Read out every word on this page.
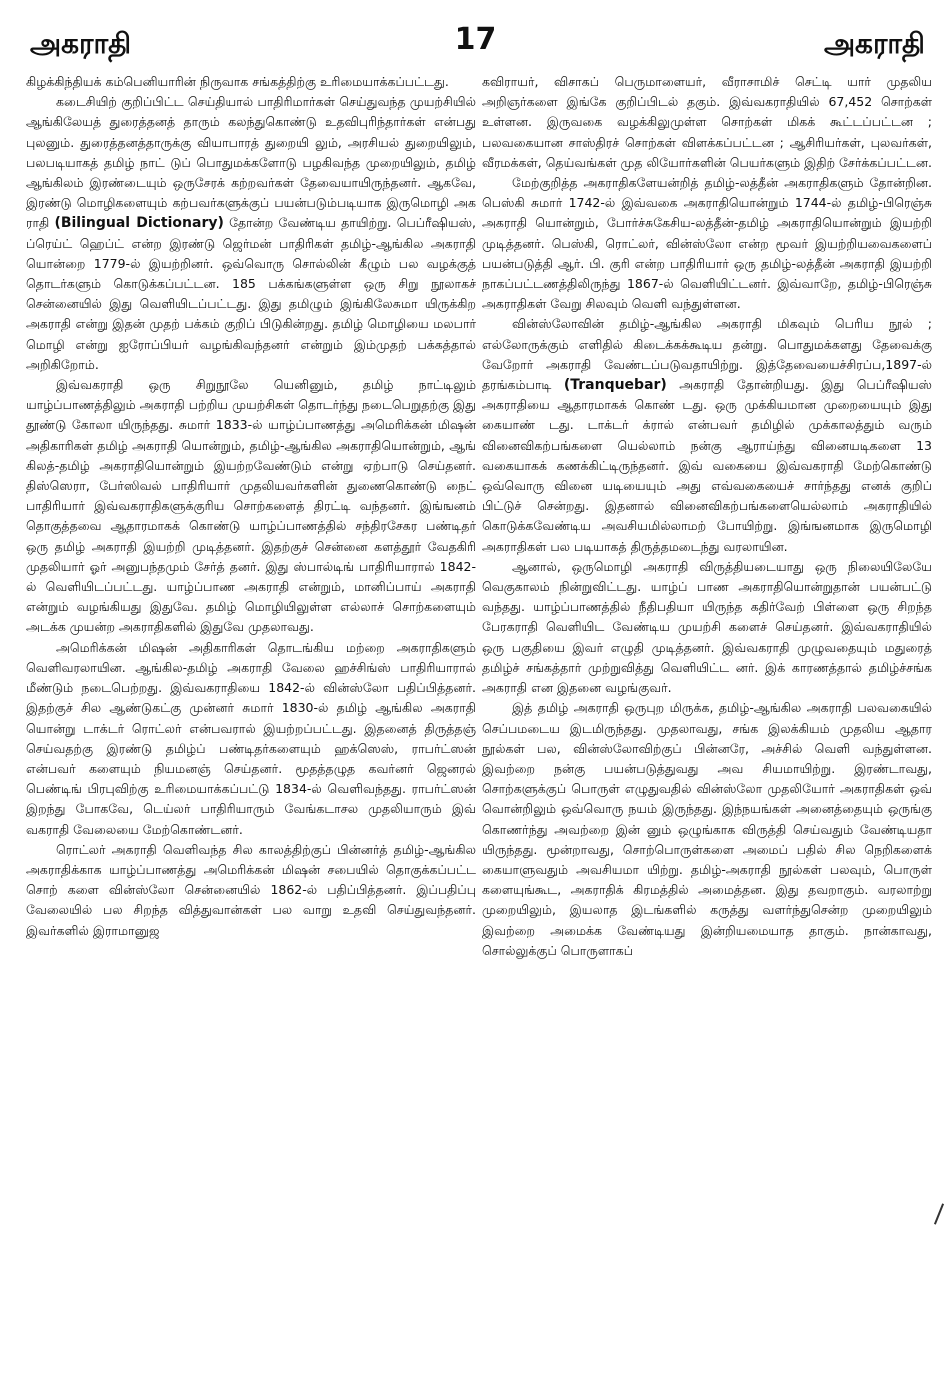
அகராதி	17	அகராதி

கிழக்கிந்தியக் கம்பெனியாரின் நிருவாக சங்கத்திற்கு உரிமையாக்கப்பட்டது.

கடைசியிற் குறிப்பிட்ட செய்தியால் பாதிரிமார்கள் செய்துவந்த முயற்சியில் ஆங்கிலேயத் துரைத்தனத் தாரும் கலந்துகொண்டு உதவிபுரிந்தார்கள் என்பது புலனும். துரைத்தனத்தாருக்கு வியாபாரத் துறையி லும், அரசியல் துறையிலும், பலபடியாகத் தமிழ் நாட் டுப் பொதுமக்களோடு பழகிவந்த முறையிலும், தமிழ் ஆங்கிலம் இரண்டையும் ஒருசேரக் கற்றவர்கள் தேவையாயிருந்தனர். ஆகவே, இரண்டு மொழிகளையும் கற்பவர்களுக்குப் பயன்படும்படியாக இருமொழி அக ராதி (Bilingual Dictionary) தோன்ற வேண்டிய தாயிற்று. பெப்ரீஷியஸ், ப்ரெய்ட் ஹெப்ட் என்ற இரண்டு ஜெர்மன் பாதிரிகள் தமிழ்-ஆங்கில அகராதி யொன்றை 1779-ல் இயற்றினர். ஒவ்வொரு சொல்லின் கீழும் பல வழக்குத் தொடர்களும் கொடுக்கப்பட்டன. 185 பக்கங்களுள்ள ஒரு சிறு நூலாகச் சென்னையில் இது வெளியிடப்பட்டது. இது தமிழும் இங்கிலேசுமா யிருக்கிற அகராதி என்று இதன் முதற் பக்கம் குறிப் பிடுகின்றது. தமிழ் மொழியை மலபார் மொழி என்று ஐரோப்பியர் வழங்கிவந்தனர் என்றும் இம்முதற் பக்கத்தால் அறிகிறோம்.

இவ்வகராதி ஒரு சிறுநூலே யெனினும், தமிழ் நாட்டிலும் யாழ்ப்பாணத்திலும் அகராதி பற்றிய முயற்சிகள் தொடர்ந்து நடைபெறுதற்கு இது தூண்டு கோலா யிருந்தது. சுமார் 1833-ல் யாழ்ப்பாணத்து அமெரிக்கன் மிஷன் அதிகாரிகள் தமிழ் அகராதி யொன்றும், தமிழ்-ஆங்கில அகராதியொன்றும், ஆங் கிலத்-தமிழ் அகராதியொன்றும் இயற்றவேண்டும் என்று ஏற்பாடு செய்தனர். திஸ்ஸெரா, பேர்ஸிவல் பாதிரியார் முதலியவர்களின் துணைகொண்டு நைட் பாதிரியார் இவ்வகராதிகளுக்குரிய சொற்களைத் திரட்டி வந்தனர். இங்ஙனம் தொகுத்தவை ஆதாரமாகக் கொண்டு யாழ்ப்பாணத்தில் சந்திரசேகர பண்டிதர் ஒரு தமிழ் அகராதி இயற்றி முடித்தனர். இதற்குச் சென்னை களத்தூர் வேதகிரி முதலியார் ஓர் அனுபந்தமும் சேர்த் தனர். இது ஸ்பால்டிங் பாதிரியாரால் 1842-ல் வெளியிடப்பட்டது. யாழ்ப்பாண அகராதி என்றும், மானிப்பாய் அகராதி என்றும் வழங்கியது இதுவே. தமிழ் மொழியிலுள்ள எல்லாச் சொற்களையும் அடக்க முயன்ற அகராதிகளில் இதுவே முதலாவது.

அமெரிக்கன் மிஷன் அதிகாரிகள் தொடங்கிய மற்றை அகராதிகளும் வெளிவரலாயின. ஆங்கில-தமிழ் அகராதி வேலை ஹச்சிங்ஸ் பாதிரியாரால் மீண்டும் நடைபெற்றது. இவ்வகராதியை 1842-ல் வின்ஸ்லோ பதிப்பித்தனர். இதற்குச் சில ஆண்டுகட்கு முன்னர் சுமார் 1830-ல் தமிழ் ஆங்கில அகராதி யொன்று டாக்டர் ரொட்லர் என்பவரால் இயற்றப்பட்டது. இதனைத் திருத்தஞ் செய்வதற்கு இரண்டு தமிழ்ப் பண்டிதர்களையும் ஹக்ஸெஸ், ராபர்ட்ஸன் என்பவர் களையும் நியமனஞ் செய்தனர். மூதத்தழுத கவர்னர் ஜெனரல் பெண்டிங் பிரபுவிற்கு உரிமையாக்கப்பட்டு 1834-ல் வெளிவந்தது. ராபர்ட்ஸன் இறந்து போகவே, டெய்லர் பாதிரியாரும் வேங்கடாசல முதலியாரும் இவ் வகராதி வேலையை மேற்கொண்டனர்.

ரொட்லர் அகராதி வெளிவந்த சில காலத்திற்குப் பின்னர்த் தமிழ்-ஆங்கில அகராதிக்காக யாழ்ப்பாணத்து அமெரிக்கன் மிஷன் சபையில் தொகுக்கப்பட்ட சொற் களை வின்ஸ்லோ சென்னையில் 1862-ல் பதிப்பித்தனர். இப்பதிப்பு வேலையில் பல சிறந்த வித்துவான்கள் பல வாறு உதவி செய்துவந்தனர். இவர்களில் இராமானுஜ

கவிராயர், விசாகப் பெருமாளையர், வீராசாமிச் செட்டி யார் முதலிய அறிஞர்களை இங்கே குறிப்பிடல் தகும். இவ்வகராதியில் 67,452 சொற்கள் உள்ளன. இருவகை வழக்கிலுமுள்ள சொற்கள் மிகக் கூட்டப்பட்டன ; பலவகையான சாஸ்திரச் சொற்கள் விளக்கப்பட்டன ; ஆசிரியர்கள், புலவர்கள், வீரமக்கள், தெய்வங்கள் முத லியோர்களின் பெயர்களும் இதிற் சேர்க்கப்பட்டன.

மேற்குறித்த அகராதிகளேயன்றித் தமிழ்-லத்தீன் அகராதிகளும் தோன்றின. பெஸ்கி சுமார் 1742-ல் இவ்வகை அகராதியொன்றும் 1744-ல் தமிழ்-பிரெஞ்சு அகராதி யொன்றும், போர்ச்சுகேசிய-லத்தீன்-தமிழ் அகராதியொன்றும் இயற்றி முடித்தனர். பெஸ்கி, ரொட்லர், வின்ஸ்லோ என்ற மூவர் இயற்றியவைகளைப் பயன்படுத்தி ஆர். பி. குரி என்ற பாதிரியார் ஒரு தமிழ்-லத்தீன் அகராதி இயற்றி நாகப்பட்டணத்திலிருந்து 1867-ல் வெளியிட்டனர். இவ்வாறே, தமிழ்-பிரெஞ்சு அகராதிகள் வேறு சிலவும் வெளி வந்துள்ளன.

வின்ஸ்லோவின் தமிழ்-ஆங்கில அகராதி மிகவும் பெரிய நூல் ; எல்லோருக்கும் எளிதில் கிடைக்கக்கூடிய தன்று. பொதுமக்களது தேவைக்கு வேறோர் அகராதி வேண்டப்படுவதாயிற்று. இத்தேவையைச்சிரப்ப,1897-ல் தரங்கம்பாடி (Tranquebar) அகராதி தோன்றியது. இது பெப்ரீஷியஸ் அகராதியை ஆதாரமாகக் கொண் டது. ஒரு முக்கியமான முறையையும் இது கையாண் டது. டாக்டர் க்ரால் என்பவர் தமிழில் முக்காலத்தும் வரும் வினைவிகற்பங்களை யெல்லாம் நன்கு ஆராய்ந்து வினையடிகளை 13 வகையாகக் கணக்கிட்டிருந்தனர். இவ் வகையை இவ்வகராதி மேற்கொண்டு ஒவ்வொரு வினை யடியையும் அது எவ்வகையைச் சார்ந்தது எனக் குறிப் பிட்டுச் சென்றது. இதனால் வினைவிகற்பங்களையெல்லாம் அகராதியில் கொடுக்கவேண்டிய அவசியமில்லாமற் போயிற்று. இங்ஙனமாக இருமொழி அகராதிகள் பல படியாகத் திருத்தமடைந்து வரலாயின.

ஆனால், ஒருமொழி அகராதி விருத்தியடையாது ஒரு நிலையிலேயே வெகுகாலம் நின்றுவிட்டது. யாழ்ப் பாண அகராதியொன்றுதான் பயன்பட்டு வந்தது. யாழ்ப்பாணத்தில் நீதிபதியா யிருந்த கதிர்வேற் பிள்ளை ஒரு சிறந்த பேரகராதி வெளியிட வேண்டிய முயற்சி களைச் செய்தனர். இவ்வகராதியில் ஒரு பகுதியை இவர் எழுதி முடித்தனர். இவ்வகராதி முழுவதையும் மதுரைத் தமிழ்ச் சங்கத்தார் முற்றுவித்து வெளியிட்ட னர். இக் காரணத்தால் தமிழ்ச்சங்க அகராதி என இதனை வழங்குவர்.

இத் தமிழ் அகராதி ஒருபுற மிருக்க, தமிழ்-ஆங்கில அகராதி பலவகையில் செப்பமடைய இடமிருந்தது. முதலாவது, சங்க இலக்கியம் முதலிய ஆதார நூல்கள் பல, வின்ஸ்லோவிற்குப் பின்னரே, அச்சில் வெளி வந்துள்ளன. இவற்றை நன்கு பயன்படுத்துவது அவ சியமாயிற்று. இரண்டாவது, சொற்களுக்குப் பொருள் எழுதுவதில் வின்ஸ்லோ முதலியோர் அகராதிகள் ஒவ் வொன்றிலும் ஒவ்வொரு நயம் இருந்தது. இந்நயங்கள் அனைத்தையும் ஒருங்கு கொணர்ந்து அவற்றை இன் னும் ஒழுங்காக விருத்தி செய்வதும் வேண்டியதா யிருந்தது. மூன்றாவது, சொற்பொருள்களை அமைப் பதில் சில நெறிகளைக் கையாளுவதும் அவசியமா யிற்று. தமிழ்-அகராதி நூல்கள் பலவும், பொருள் களையுங்கூட, அகராதிக் கிரமத்தில் அமைத்தன. இது தவறாகும். வரலாற்று முறையிலும், இயலாத இடங்களில் கருத்து வளர்ந்துசென்ற முறையிலும் இவற்றை அமைக்க வேண்டியது இன்றியமையாத தாகும். நான்காவது, சொல்லுக்குப் பொருளாகப்
